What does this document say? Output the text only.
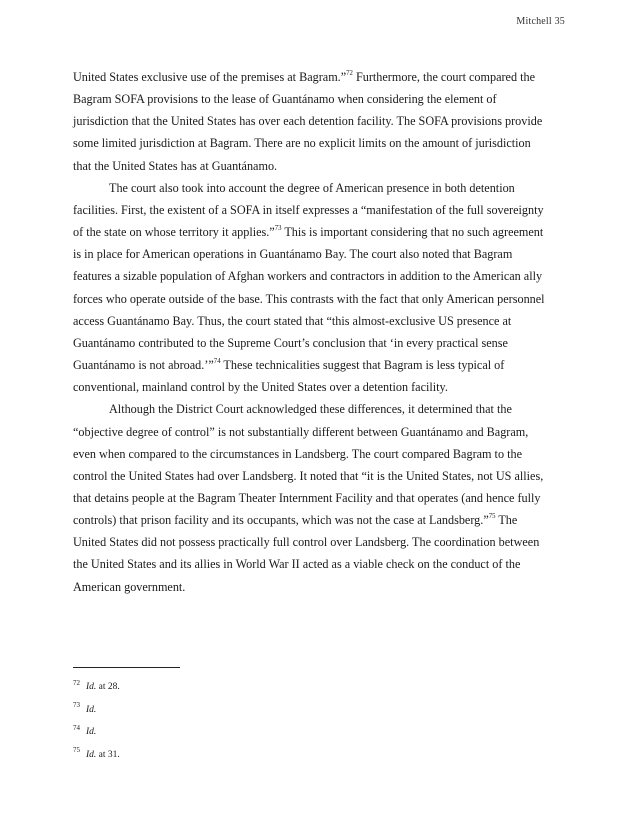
Mitchell 35

United States exclusive use of the premises at Bagram.”$^{72}$ Furthermore, the court compared the

Bagram SOFA provisions to the lease of Guantánamo when considering the element of

jurisdiction that the United States has over each detention facility. The SOFA provisions provide

some limited jurisdiction at Bagram. There are no explicit limits on the amount of jurisdiction

that the United States has at Guantánamo.

The court also took into account the degree of American presence in both detention

facilities. First, the existent of a SOFA in itself expresses a “manifestation of the full sovereignty

of the state on whose territory it applies.”$^{73}$ This is important considering that no such agreement

is in place for American operations in Guantánamo Bay. The court also noted that Bagram

features a sizable population of Afghan workers and contractors in addition to the American ally

forces who operate outside of the base. This contrasts with the fact that only American personnel

access Guantánamo Bay. Thus, the court stated that “this almost-exclusive US presence at

Guantánamo contributed to the Supreme Court’s conclusion that ‘in every practical sense

Guantánamo is not abroad.’”$^{74}$ These technicalities suggest that Bagram is less typical of

conventional, mainland control by the United States over a detention facility.

Although the District Court acknowledged these differences, it determined that the

“objective degree of control” is not substantially different between Guantánamo and Bagram,

even when compared to the circumstances in Landsberg. The court compared Bagram to the

control the United States had over Landsberg. It noted that “it is the United States, not US allies,

that detains people at the Bagram Theater Internment Facility and that operates (and hence fully

controls) that prison facility and its occupants, which was not the case at Landsberg.”$^{75}$ The

United States did not possess practically full control over Landsberg. The coordination between

the United States and its allies in World War II acted as a viable check on the conduct of the

American government.

$^{72}$ Id. at 28.
$^{73}$ Id.
$^{74}$ Id.
$^{75}$ Id. at 31.
